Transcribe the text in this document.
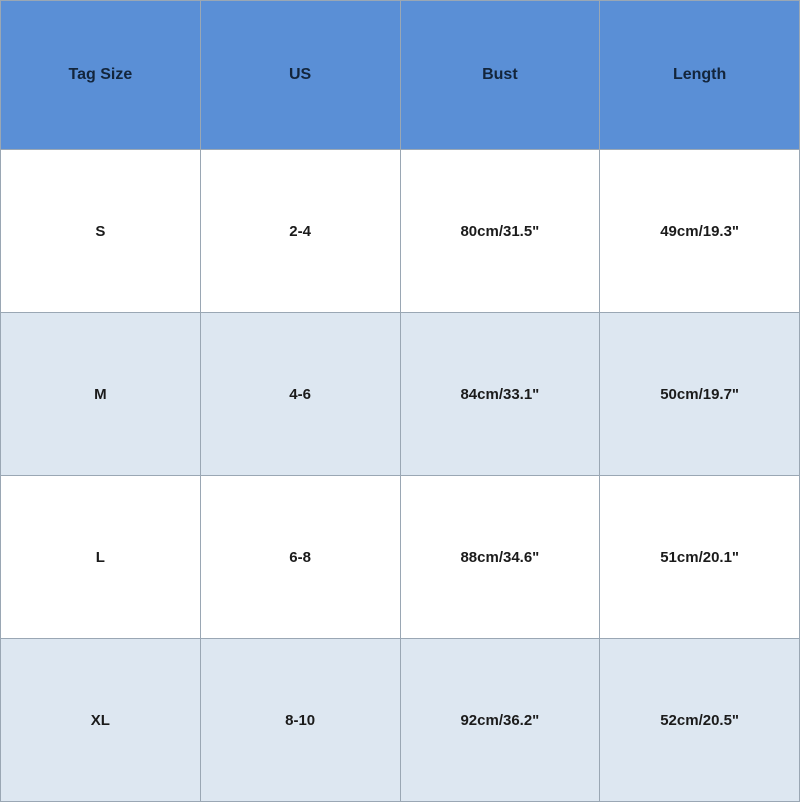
Tag Size	US	Bust	Length
S	2-4	80cm/31.5"	49cm/19.3"
M	4-6	84cm/33.1"	50cm/19.7"
L	6-8	88cm/34.6"	51cm/20.1"
XL	8-10	92cm/36.2"	52cm/20.5"
